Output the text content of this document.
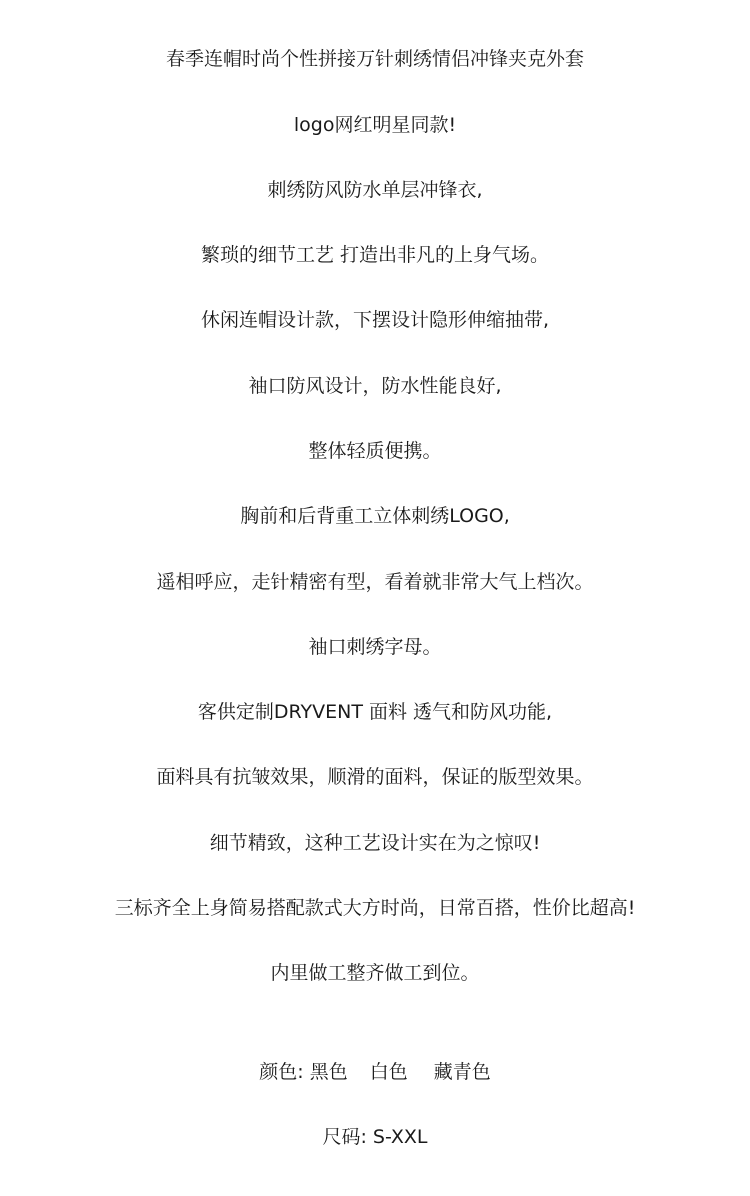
春季连帽时尚个性拼接万针刺绣情侣冲锋夹克外套
logo网红明星同款!
刺绣防风防水单层冲锋衣,
繁琐的细节工艺 打造出非凡的上身气场。
休闲连帽设计款，下摆设计隐形伸缩抽带,
袖口防风设计，防水性能良好,
整体轻质便携。
胸前和后背重工立体刺绣LOGO,
遥相呼应，走针精密有型，看着就非常大气上档次。
袖口刺绣字母。
客供定制DRYVENT 面料 透气和防风功能,
面料具有抗皱效果，顺滑的面料，保证的版型效果。
细节精致，这种工艺设计实在为之惊叹!
三标齐全上身简易搭配款式大方时尚，日常百搭，性价比超高!
内里做工整齐做工到位。
颜色: 黑色 白色 藏青色
尺码: S-XXL
